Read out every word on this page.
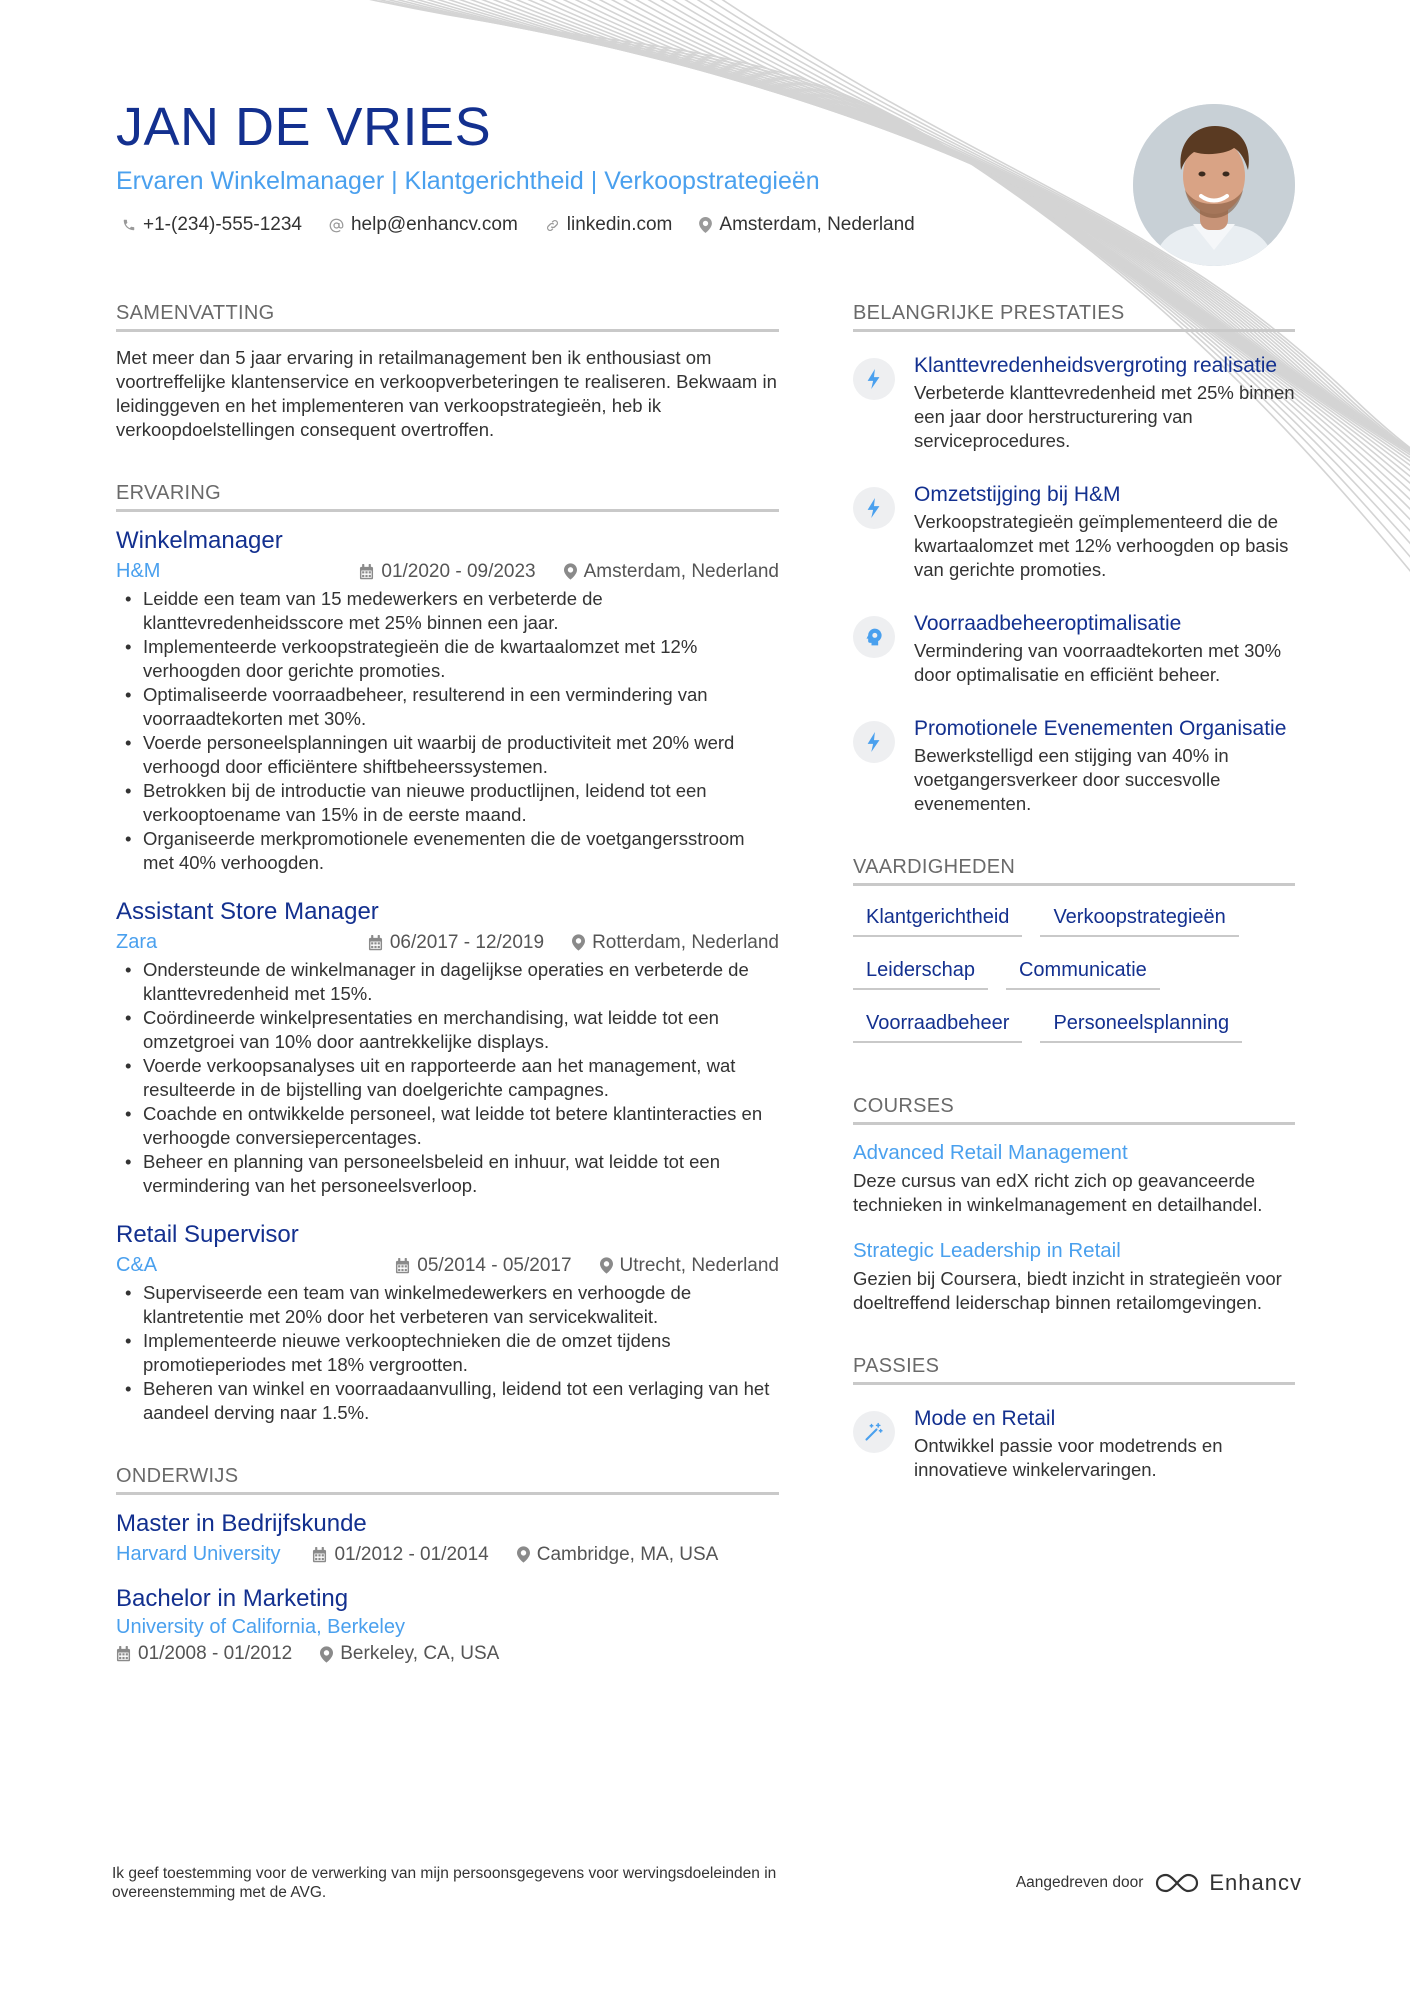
JAN DE VRIES
Ervaren Winkelmanager | Klantgerichtheid | Verkoopstrategieën
+1-(234)-555-1234	help@enhancv.com	linkedin.com Amsterdam, Nederland
SAMENVATTING
Met meer dan 5 jaar ervaring in retailmanagement ben ik enthousiast om voortreffelijke klantenservice en verkoopverbeteringen te realiseren. Bekwaam in leidinggeven en het implementeren van verkoopstrategieën, heb ik verkoopdoelstellingen consequent overtroffen.
ERVARING
Winkelmanager
H&M	01/2020 - 09/2023	Amsterdam, Nederland
• Leidde een team van 15 medewerkers en verbeterde de klanttevredenheidsscore met 25% binnen een jaar.
• Implementeerde verkoopstrategieën die de kwartaalomzet met 12% verhoogden door gerichte promoties.
• Optimaliseerde voorraadbeheer, resulterend in een vermindering van voorraadtekorten met 30%.
• Voerde personeelsplanningen uit waarbij de productiviteit met 20% werd verhoogd door efficiëntere shiftbeheerssystemen.
• Betrokken bij de introductie van nieuwe productlijnen, leidend tot een verkooptoename van 15% in de eerste maand.
• Organiseerde merkpromotionele evenementen die de voetgangersstroom met 40% verhoogden.
Assistant Store Manager
Zara	06/2017 - 12/2019	Rotterdam, Nederland
• Ondersteunde de winkelmanager in dagelijkse operaties en verbeterde de klanttevredenheid met 15%.
• Coördineerde winkelpresentaties en merchandising, wat leidde tot een omzetgroei van 10% door aantrekkelijke displays.
• Voerde verkoopsanalyses uit en rapporteerde aan het management, wat resulteerde in de bijstelling van doelgerichte campagnes.
• Coachde en ontwikkelde personeel, wat leidde tot betere klantinteracties en verhoogde conversiepercentages.
• Beheer en planning van personeelsbeleid en inhuur, wat leidde tot een vermindering van het personeelsverloop.
Retail Supervisor
C&A	05/2014 - 05/2017	Utrecht, Nederland
• Superviseerde een team van winkelmedewerkers en verhoogde de klantretentie met 20% door het verbeteren van servicekwaliteit.
• Implementeerde nieuwe verkooptechnieken die de omzet tijdens promotieperiodes met 18% vergrootten.
• Beheren van winkel en voorraadaanvulling, leidend tot een verlaging van het aandeel derving naar 1.5%.
ONDERWIJS
Master in Bedrijfskunde
Harvard University	01/2012 - 01/2014	Cambridge, MA, USA
Bachelor in Marketing
University of California, Berkeley
01/2008 - 01/2012	Berkeley, CA, USA
BELANGRIJKE PRESTATIES
Klanttevredenheidsvergroting realisatie
Verbeterde klanttevredenheid met 25% binnen een jaar door herstructurering van serviceprocedures.
Omzetstijging bij H&M
Verkoopstrategieën geïmplementeerd die de kwartaalomzet met 12% verhoogden op basis van gerichte promoties.
Voorraadbeheeroptimalisatie
Vermindering van voorraadtekorten met 30% door optimalisatie en efficiënt beheer.
Promotionele Evenementen Organisatie
Bewerkstelligd een stijging van 40% in voetgangersverkeer door succesvolle evenementen.
VAARDIGHEDEN
Klantgerichtheid	Verkoopstrategieën
Leiderschap	Communicatie
Voorraadbeheer	Personeelsplanning
COURSES
Advanced Retail Management
Deze cursus van edX richt zich op geavanceerde technieken in winkelmanagement en detailhandel.
Strategic Leadership in Retail
Gezien bij Coursera, biedt inzicht in strategieën voor doeltreffend leiderschap binnen retailomgevingen.
PASSIES
Mode en Retail
Ontwikkel passie voor modetrends en innovatieve winkelervaringen.
Ik geef toestemming voor de verwerking van mijn persoonsgegevens voor wervingsdoeleinden in overeenstemming met de AVG.
Aangedreven door	Enhancv
